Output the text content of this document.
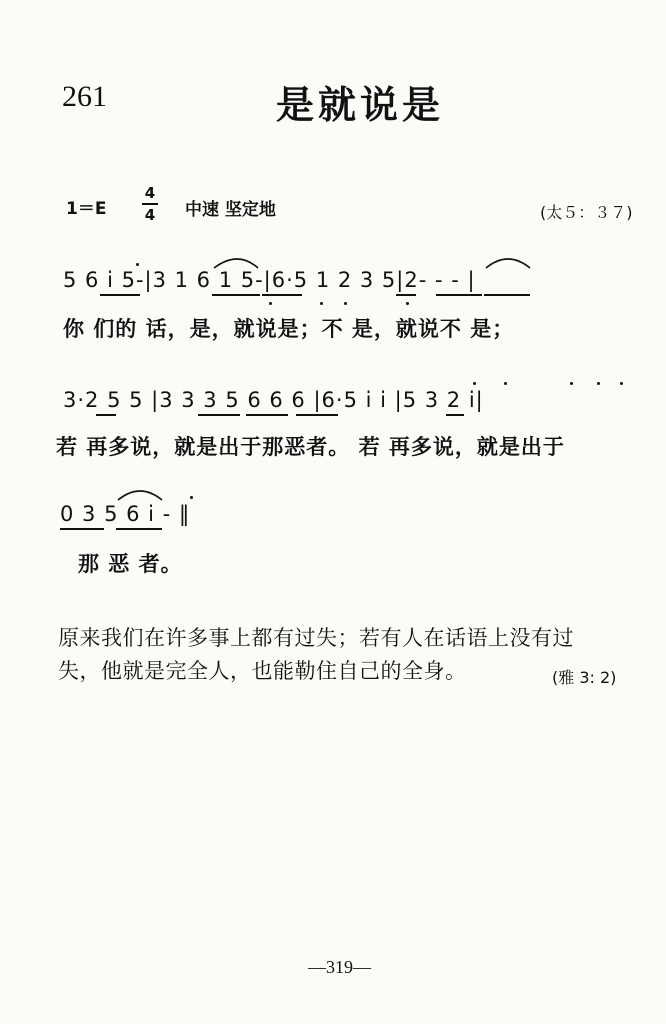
261	是就说是
1＝E
4
4 中速 坚定地	(太５：３７)
5 6 i 5-|3 1 6 1 5-|6·5 1 2 3 5|2- - - |
你 们的 话，是，就说是；不 是，就说不 是；
3·2 5 5 |3 3 3 5 6 6 6 |6·5 i i |5 3 2 i|
若 再多说，就是出于那恶者。 若 再多说，就是出于
0 3 5 6 i - ‖
那 恶 者。
原来我们在许多事上都有过失；若有人在话语上没有过
失，他就是完全人，也能勒住自己的全身。	(雅 3: 2)
—319—
